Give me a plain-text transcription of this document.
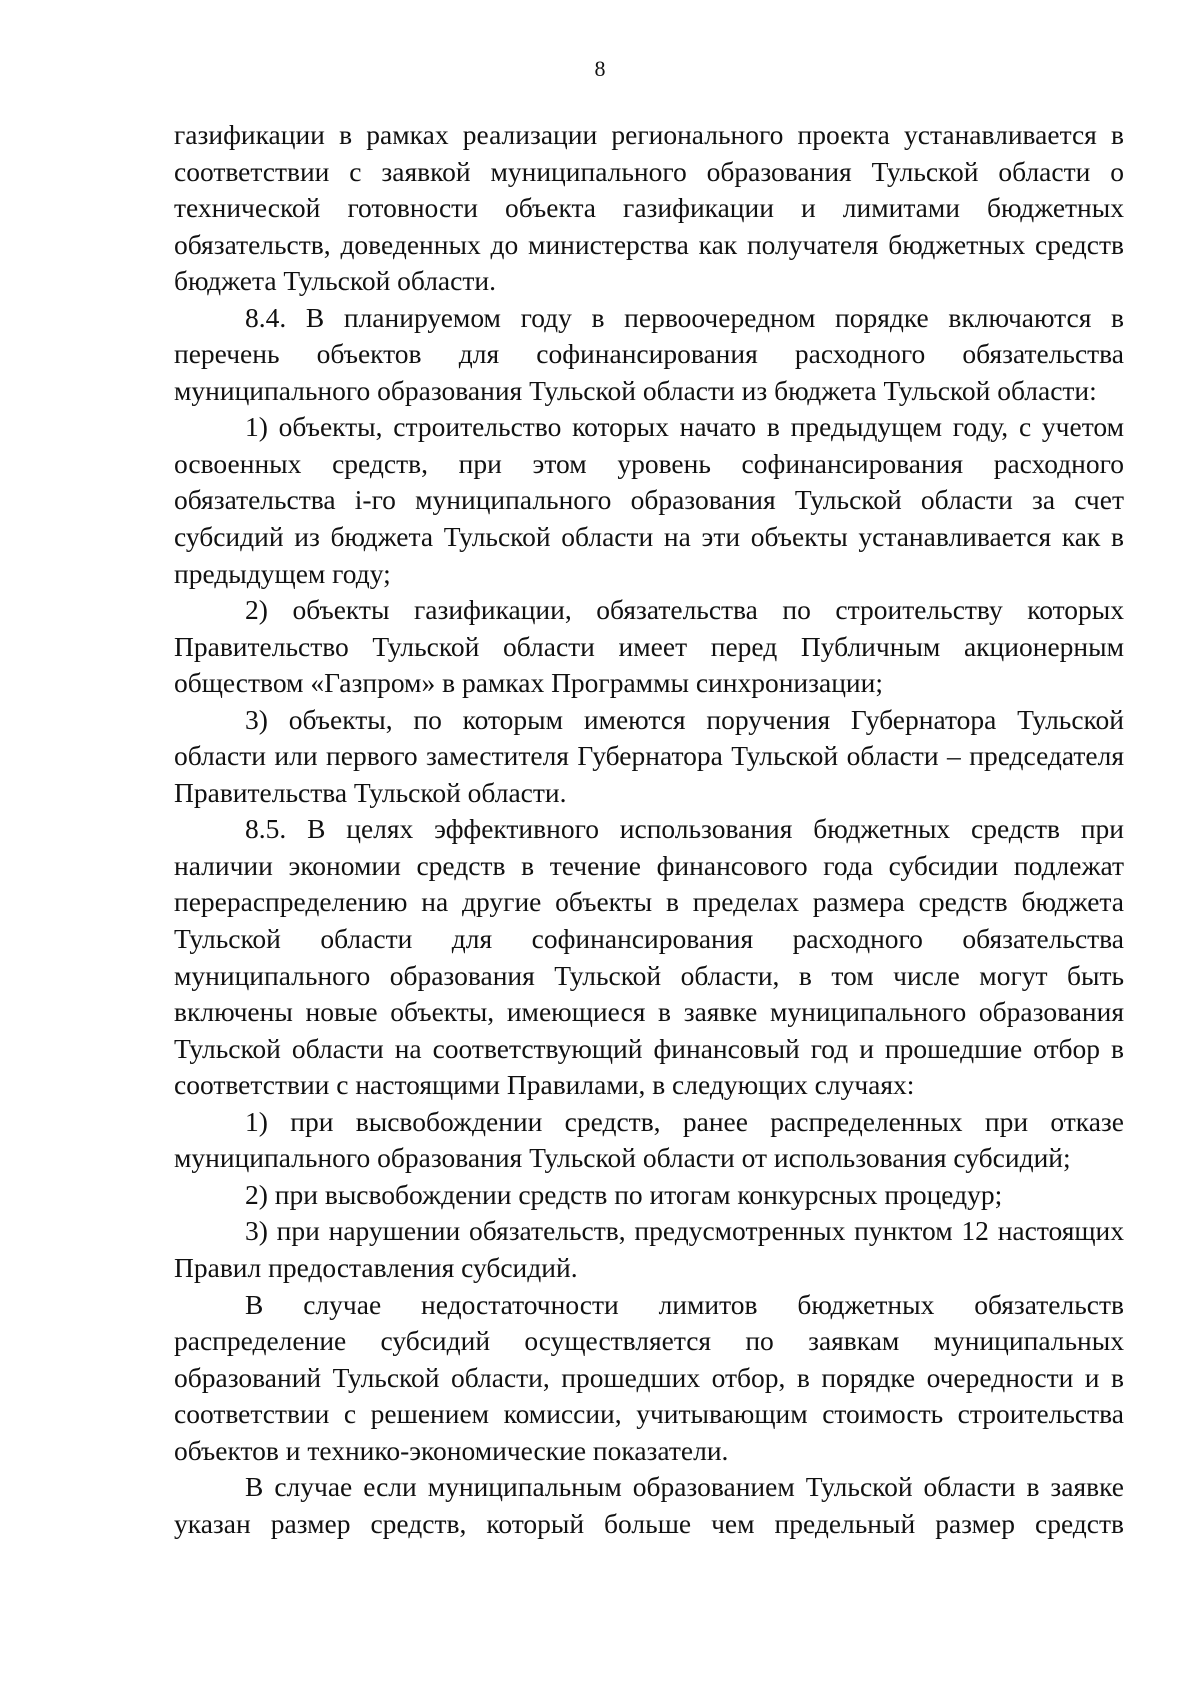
8

газификации в рамках реализации регионального проекта устанавливается в соответствии с заявкой муниципального образования Тульской области о технической готовности объекта газификации и лимитами бюджетных обязательств, доведенных до министерства как получателя бюджетных средств бюджета Тульской области.

8.4. В планируемом году в первоочередном порядке включаются в перечень объектов для софинансирования расходного обязательства муниципального образования Тульской области из бюджета Тульской области:

1) объекты, строительство которых начато в предыдущем году, с учетом освоенных средств, при этом уровень софинансирования расходного обязательства i-го муниципального образования Тульской области за счет субсидий из бюджета Тульской области на эти объекты устанавливается как в предыдущем году;

2) объекты газификации, обязательства по строительству которых Правительство Тульской области имеет перед Публичным акционерным обществом «Газпром» в рамках Программы синхронизации;

3) объекты, по которым имеются поручения Губернатора Тульской области или первого заместителя Губернатора Тульской области – председателя Правительства Тульской области.

8.5. В целях эффективного использования бюджетных средств при наличии экономии средств в течение финансового года субсидии подлежат перераспределению на другие объекты в пределах размера средств бюджета Тульской области для софинансирования расходного обязательства муниципального образования Тульской области, в том числе могут быть включены новые объекты, имеющиеся в заявке муниципального образования Тульской области на соответствующий финансовый год и прошедшие отбор в соответствии с настоящими Правилами, в следующих случаях:

1) при высвобождении средств, ранее распределенных при отказе муниципального образования Тульской области от использования субсидий;

2) при высвобождении средств по итогам конкурсных процедур;

3) при нарушении обязательств, предусмотренных пунктом 12 настоящих Правил предоставления субсидий.

В случае недостаточности лимитов бюджетных обязательств распределение субсидий осуществляется по заявкам муниципальных образований Тульской области, прошедших отбор, в порядке очередности и в соответствии с решением комиссии, учитывающим стоимость строительства объектов и технико-экономические показатели.

В случае если муниципальным образованием Тульской области в заявке указан размер средств, который больше чем предельный размер средств
